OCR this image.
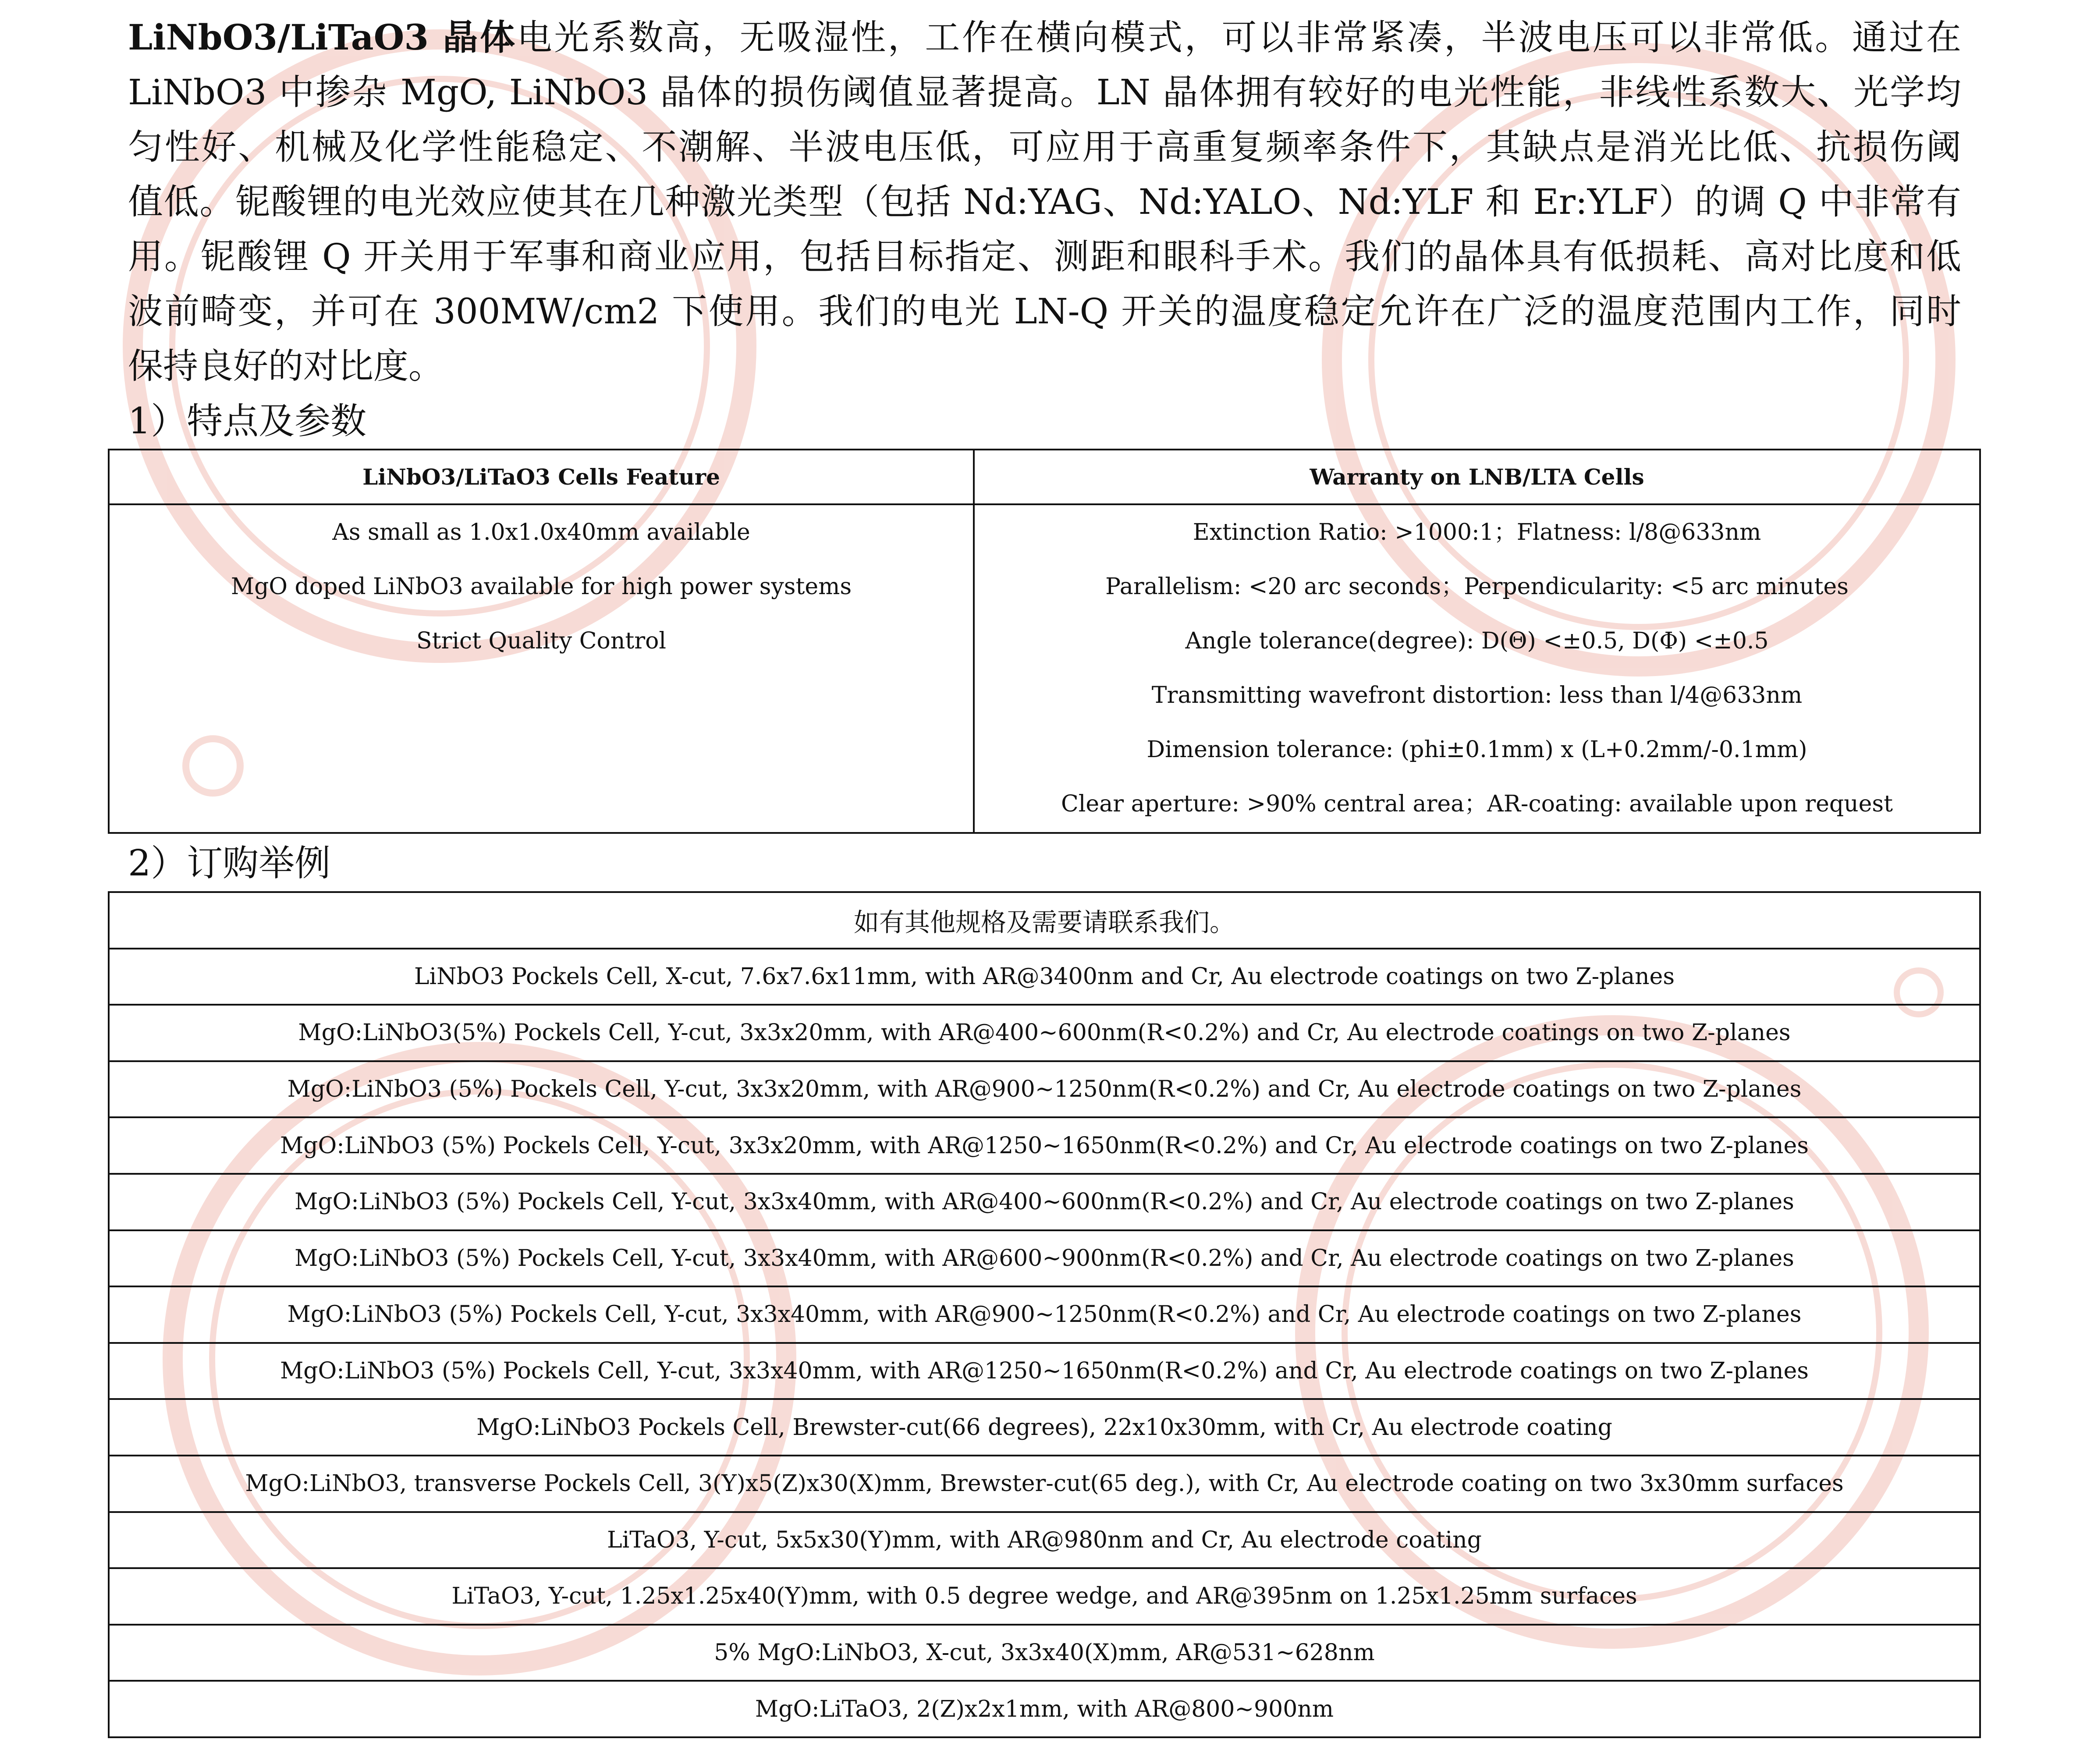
LiNbO3/LiTaO3 晶体电光系数高，无吸湿性，工作在横向模式，可以非常紧凑，半波电压可以非常低。通过在
LiNbO3 中掺杂 MgO, LiNbO3 晶体的损伤阈值显著提高。LN 晶体拥有较好的电光性能，非线性系数大、光学均
匀性好、机械及化学性能稳定、不潮解、半波电压低，可应用于高重复频率条件下，其缺点是消光比低、抗损伤阈
值低。铌酸锂的电光效应使其在几种激光类型（包括 Nd:YAG、Nd:YALO、Nd:YLF 和 Er:YLF）的调 Q 中非常有
用。铌酸锂 Q 开关用于军事和商业应用，包括目标指定、测距和眼科手术。我们的晶体具有低损耗、高对比度和低
波前畸变，并可在 300MW/cm2 下使用。我们的电光 LN-Q 开关的温度稳定允许在广泛的温度范围内工作，同时
保持良好的对比度。
1）特点及参数
LiNbO3/LiTaO3 Cells Feature	Warranty on LNB/LTA Cells
As small as 1.0x1.0x40mm available
MgO doped LiNbO3 available for high power systems
Strict Quality Control
Extinction Ratio: >1000:1；Flatness: l/8@633nm
Parallelism: <20 arc seconds；Perpendicularity: <5 arc minutes
Angle tolerance(degree): D(Θ) <±0.5, D(Φ) <±0.5
Transmitting wavefront distortion: less than l/4@633nm
Dimension tolerance: (phi±0.1mm) x (L+0.2mm/-0.1mm)
Clear aperture: >90% central area；AR-coating: available upon request
2）订购举例
如有其他规格及需要请联系我们。
LiNbO3 Pockels Cell, X-cut, 7.6x7.6x11mm, with AR@3400nm and Cr, Au electrode coatings on two Z-planes
MgO:LiNbO3(5%) Pockels Cell, Y-cut, 3x3x20mm, with AR@400~600nm(R<0.2%) and Cr, Au electrode coatings on two Z-planes
MgO:LiNbO3 (5%) Pockels Cell, Y-cut, 3x3x20mm, with AR@900~1250nm(R<0.2%) and Cr, Au electrode coatings on two Z-planes
MgO:LiNbO3 (5%) Pockels Cell, Y-cut, 3x3x20mm, with AR@1250~1650nm(R<0.2%) and Cr, Au electrode coatings on two Z-planes
MgO:LiNbO3 (5%) Pockels Cell, Y-cut, 3x3x40mm, with AR@400~600nm(R<0.2%) and Cr, Au electrode coatings on two Z-planes
MgO:LiNbO3 (5%) Pockels Cell, Y-cut, 3x3x40mm, with AR@600~900nm(R<0.2%) and Cr, Au electrode coatings on two Z-planes
MgO:LiNbO3 (5%) Pockels Cell, Y-cut, 3x3x40mm, with AR@900~1250nm(R<0.2%) and Cr, Au electrode coatings on two Z-planes
MgO:LiNbO3 (5%) Pockels Cell, Y-cut, 3x3x40mm, with AR@1250~1650nm(R<0.2%) and Cr, Au electrode coatings on two Z-planes
MgO:LiNbO3 Pockels Cell, Brewster-cut(66 degrees), 22x10x30mm, with Cr, Au electrode coating
MgO:LiNbO3, transverse Pockels Cell, 3(Y)x5(Z)x30(X)mm, Brewster-cut(65 deg.), with Cr, Au electrode coating on two 3x30mm surfaces
LiTaO3, Y-cut, 5x5x30(Y)mm, with AR@980nm and Cr, Au electrode coating
LiTaO3, Y-cut, 1.25x1.25x40(Y)mm, with 0.5 degree wedge, and AR@395nm on 1.25x1.25mm surfaces
5% MgO:LiNbO3, X-cut, 3x3x40(X)mm, AR@531~628nm
MgO:LiTaO3, 2(Z)x2x1mm, with AR@800~900nm
